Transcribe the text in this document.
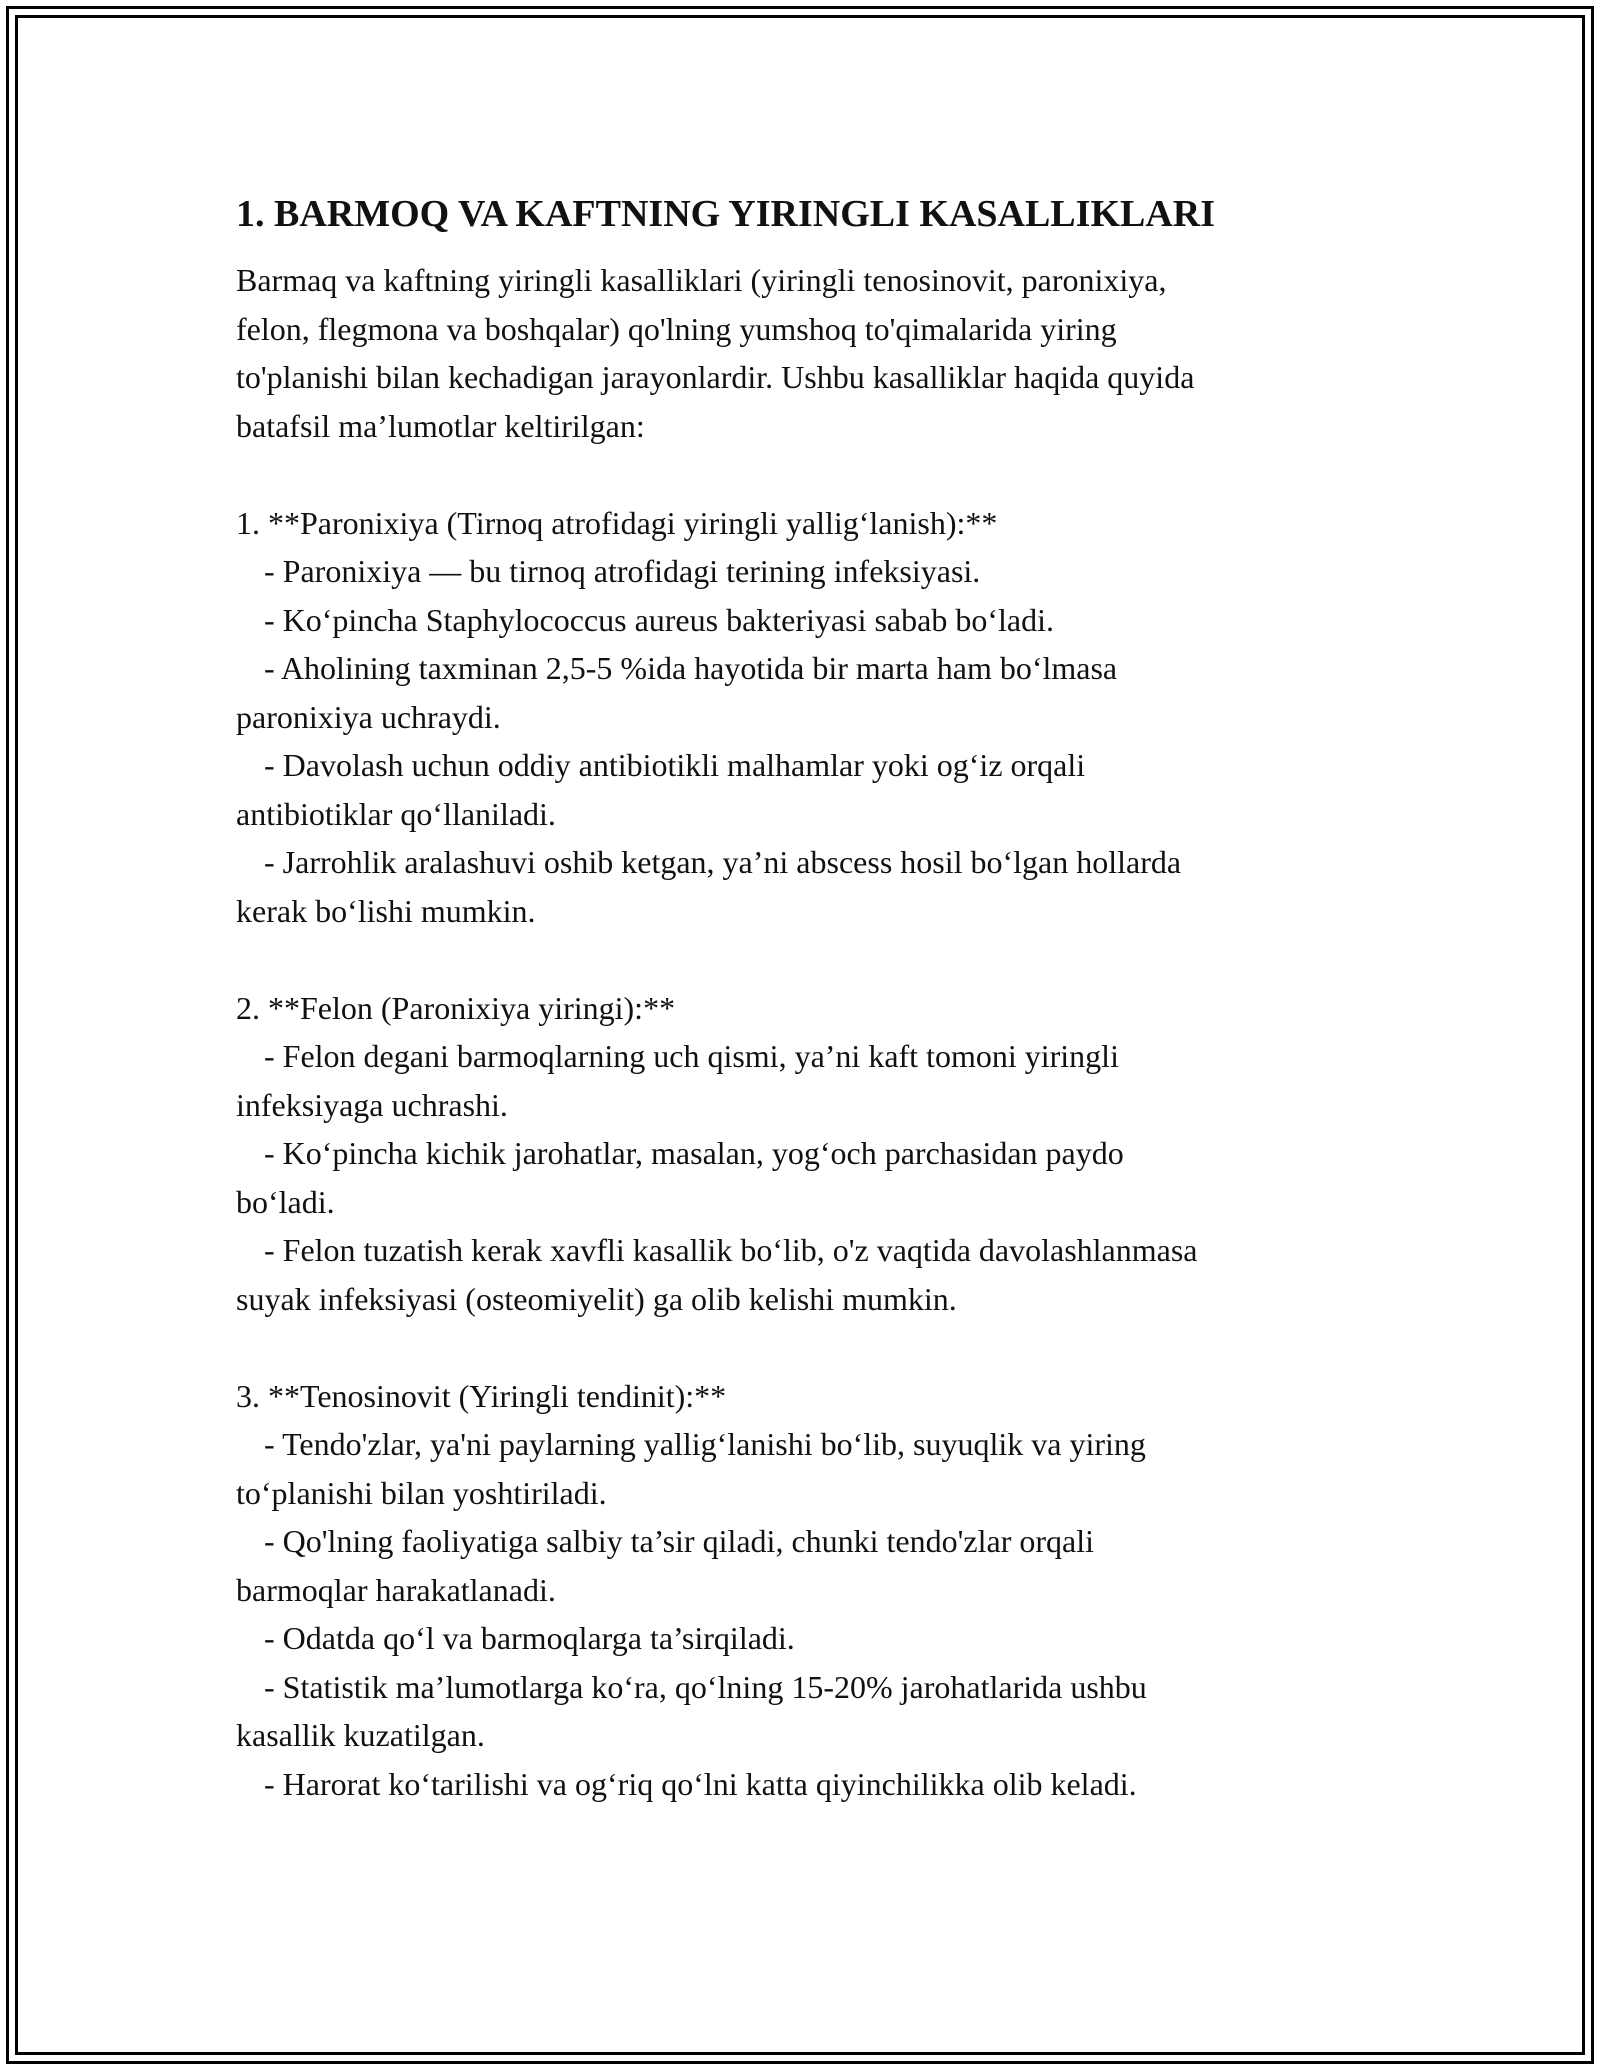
1. BARMOQ VA KAFTNING YIRINGLI KASALLIKLARI

Barmaq va kaftning yiringli kasalliklari (yiringli tenosinovit, paronixiya,
felon, flegmona va boshqalar) qo'lning yumshoq to'qimalarida yiring
to'planishi bilan kechadigan jarayonlardir. Ushbu kasalliklar haqida quyida
batafsil ma’lumotlar keltirilgan:

1. **Paronixiya (Tirnoq atrofidagi yiringli yallig‘lanish):**
- Paronixiya — bu tirnoq atrofidagi terining infeksiyasi.
- Ko‘pincha Staphylococcus aureus bakteriyasi sabab bo‘ladi.
- Aholining taxminan 2,5-5 %ida hayotida bir marta ham bo‘lmasa
paronixiya uchraydi.
- Davolash uchun oddiy antibiotikli malhamlar yoki og‘iz orqali
antibiotiklar qo‘llaniladi.
- Jarrohlik aralashuvi oshib ketgan, ya’ni abscess hosil bo‘lgan hollarda
kerak bo‘lishi mumkin.
2. **Felon (Paronixiya yiringi):**
- Felon degani barmoqlarning uch qismi, ya’ni kaft tomoni yiringli
infeksiyaga uchrashi.
- Ko‘pincha kichik jarohatlar, masalan, yog‘och parchasidan paydo
bo‘ladi.
- Felon tuzatish kerak xavfli kasallik bo‘lib, o'z vaqtida davolashlanmasa
suyak infeksiyasi (osteomiyelit) ga olib kelishi mumkin.
3. **Tenosinovit (Yiringli tendinit):**
- Tendo'zlar, ya'ni paylarning yallig‘lanishi bo‘lib, suyuqlik va yiring
to‘planishi bilan yoshtiriladi.
- Qo'lning faoliyatiga salbiy ta’sir qiladi, chunki tendo'zlar orqali
barmoqlar harakatlanadi.
- Odatda qo‘l va barmoqlarga ta’sirqiladi.
- Statistik ma’lumotlarga ko‘ra, qo‘lning 15-20% jarohatlarida ushbu
kasallik kuzatilgan.
- Harorat ko‘tarilishi va og‘riq qo‘lni katta qiyinchilikka olib keladi.
